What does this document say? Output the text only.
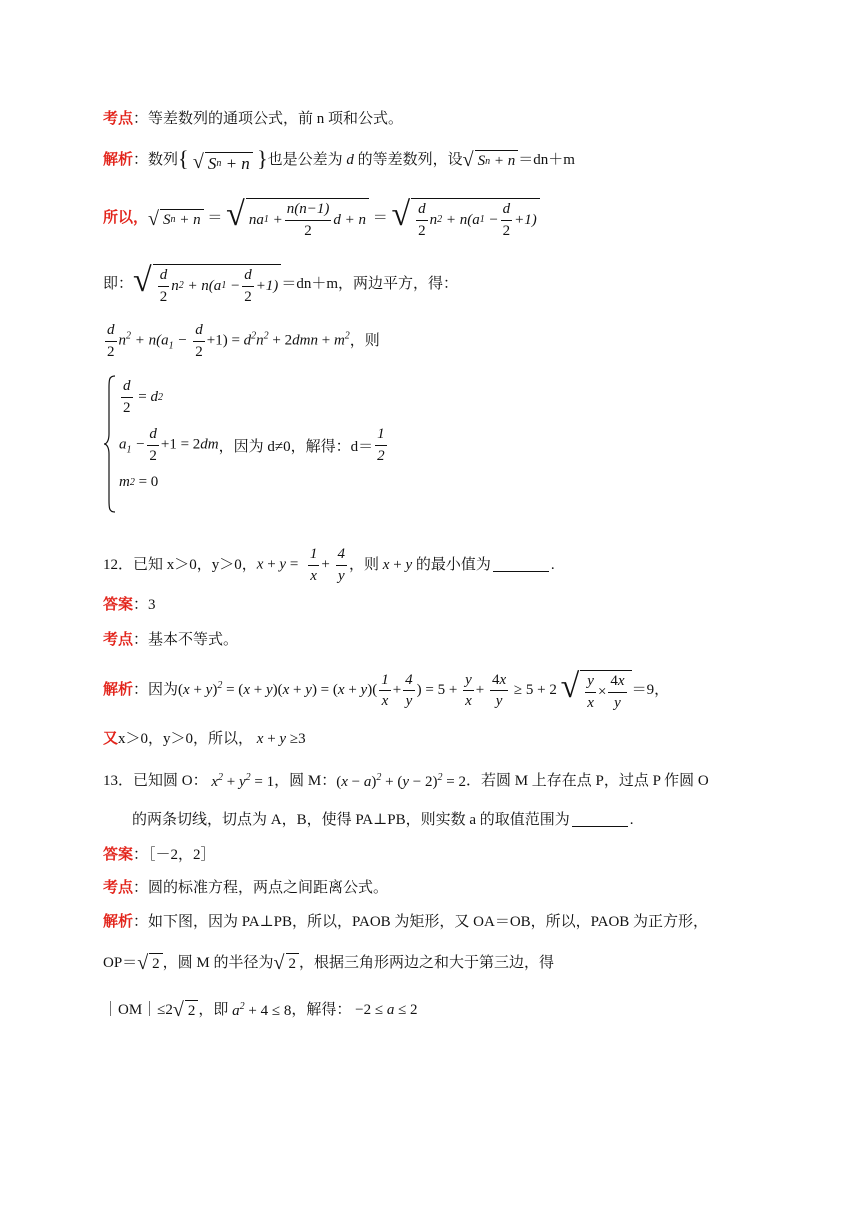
考点 ：等差数列的通项公式，前 n 项和公式。
解析 ：数列 { √ S n + n } 也是公差为 d 的等差数列，设 √ S n + n ＝dn＋m
所以 ， √ S n + n ＝ √ na $1 + \frac{n(n-1)}{2}$ d + n ＝ √ $\frac{d}{2}$ n 2 + n(a $1 - \frac{d}{2} +1$)
即： √ $\frac{d}{2}$ n 2 + n(a $1 - \frac{d}{2} +1) =dn+m$，两边平方，得：
$\frac{d}{2} n^2 + n(a_1 - \frac{d}{2} +1) = d^2n^2 + 2dmn + m^2$ ，则
$\frac{d}{2} = d$ 2
$a_1 - \frac{d}{2} +1 = 2dm$ ，因为 d≠0，解得：$d= \frac{1}{2}$
m 2 = 0
12． 已知 x＞0，y＞0， $x + y = \frac{1}{x} + \frac{4}{y}$ ，则 x + y 的最小值为	.
答案 ：3
考点 ：基本不等式。
解析 ：因为 $(x + y)^2 = (x + y)(x + y) = (x + y)( \frac{1}{x} + \frac{4}{y}$ ) = $5 + \frac{y}{x} + \frac{4x}{y} \ge 5 + 2$ √ $\frac{y}{x} \times \frac{4x}{y} =9$，
又 x＞0，y＞0，所以， x + y ≥3
13． 已知圆 O： $x^2 + y^2 = 1$ ，圆 M： $(x - a)^2 + (y - 2)^2 = 2$ ．若圆 M 上存在点 P，过点 P 作圆 O
的两条切线，切点为 A，B，使得 PA⊥PB，则实数 a 的取值范围为	.
答案 ：［－2，2］
考点 ：圆的标准方程，两点之间距离公式。
解析 ：如下图，因为 PA⊥PB，所以，PAOB 为矩形，又 OA＝OB，所以，PAOB 为正方形，
OP＝ √ 2 ，圆 M 的半径为 √ 2 ，根据三角形两边之和大于第三边，得
｜OM｜≤2 √ 2 ，即 $a^2 + 4 \le 8$ ，解得： −2 ≤ a ≤ 2
